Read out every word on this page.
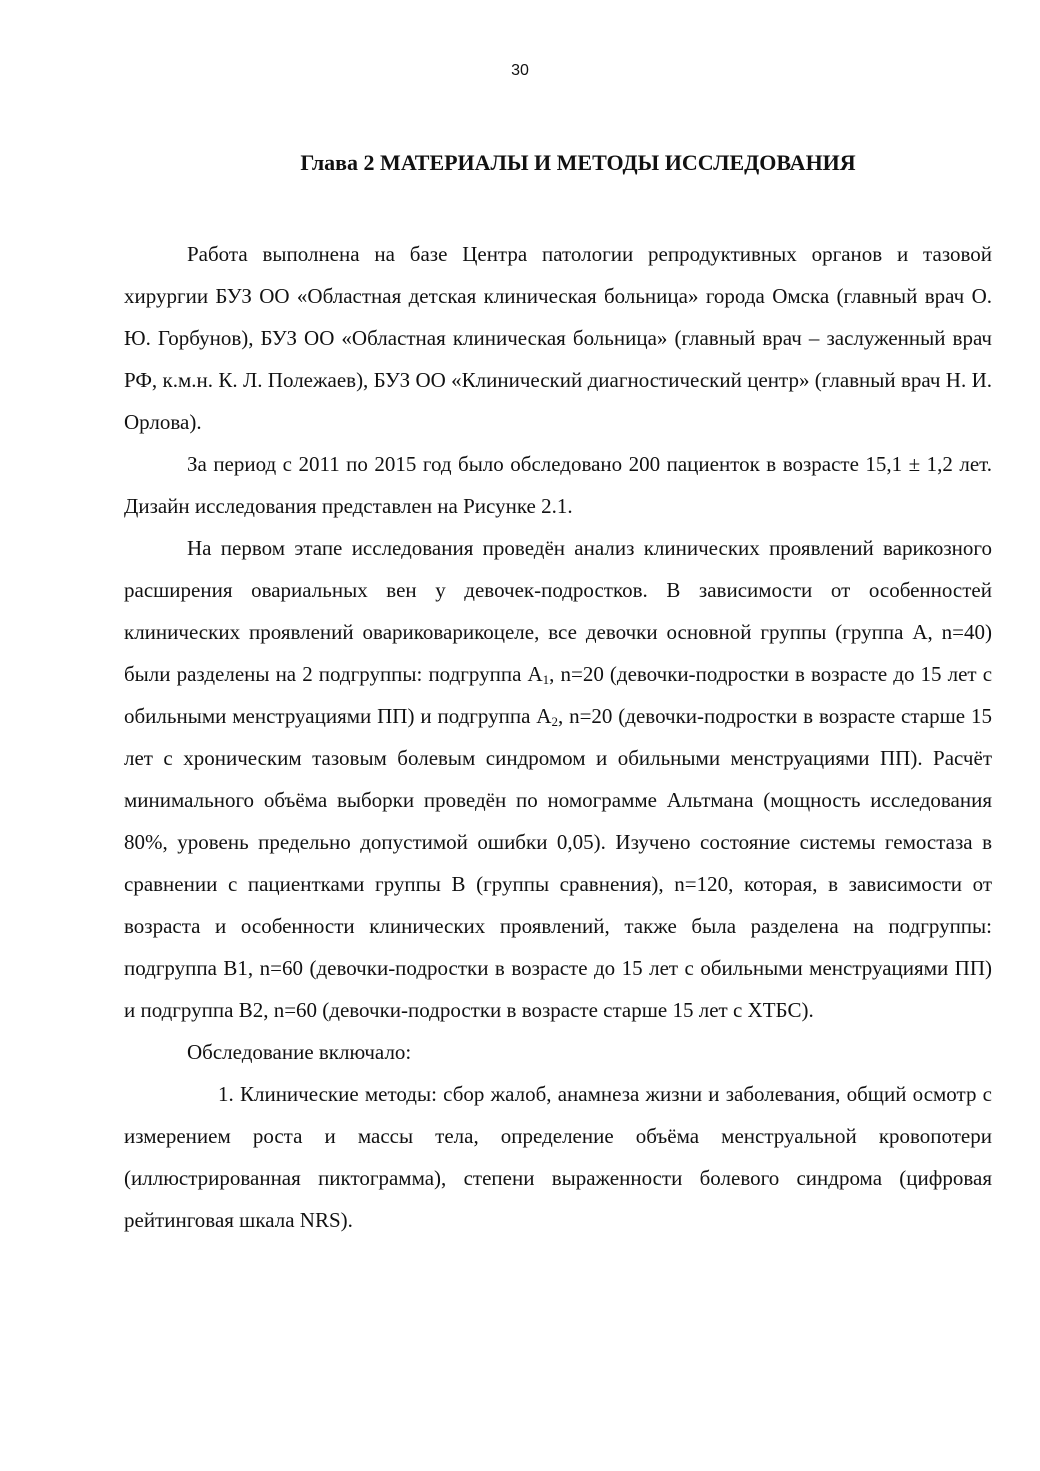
30
Глава 2 МАТЕРИАЛЫ И МЕТОДЫ ИССЛЕДОВАНИЯ

Работа выполнена на базе Центра патологии репродуктивных органов и тазовой хирургии БУЗ ОО «Областная детская клиническая больница» города Омска (главный врач О. Ю. Горбунов), БУЗ ОО «Областная клиническая больница» (главный врач – заслуженный врач РФ, к.м.н. К. Л. Полежаев), БУЗ ОО «Клинический диагностический центр» (главный врач Н. И. Орлова).

За период с 2011 по 2015 год было обследовано 200 пациенток в возрасте 15,1 ± 1,2 лет. Дизайн исследования представлен на Рисунке 2.1.

На первом этапе исследования проведён анализ клинических проявлений варикозного расширения овариальных вен у девочек-подростков. В зависимости от особенностей клинических проявлений овариковарикоцеле, все девочки основной группы (группа А, n=40) были разделены на 2 подгруппы: подгруппа $А_1$, n=20 (девочки-подростки в возрасте до 15 лет с обильными менструациями ПП) и подгруппа $А_2$, n=20 (девочки-подростки в возрасте старше 15 лет с хроническим тазовым болевым синдромом и обильными менструациями ПП). Расчёт минимального объёма выборки проведён по номограмме Альтмана (мощность исследования 80%, уровень предельно допустимой ошибки 0,05). Изучено состояние системы гемостаза в сравнении с пациентками группы В (группы сравнения), n=120, которая, в зависимости от возраста и особенности клинических проявлений, также была разделена на подгруппы: подгруппа В1, n=60 (девочки-подростки в возрасте до 15 лет с обильными менструациями ПП) и подгруппа В2, n=60 (девочки-подростки в возрасте старше 15 лет с ХТБС).

Обследование включало:

1. Клинические методы: сбор жалоб, анамнеза жизни и заболевания, общий осмотр с измерением роста и массы тела, определение объёма менструальной кровопотери (иллюстрированная пиктограмма), степени выраженности болевого синдрома (цифровая рейтинговая шкала NRS).
